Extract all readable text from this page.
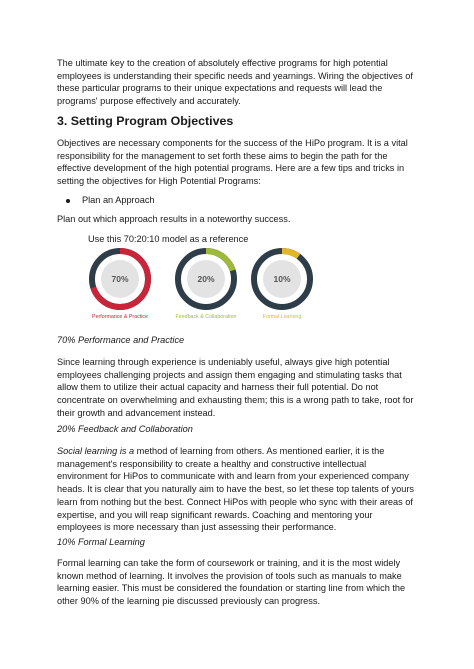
The ultimate key to the creation of absolutely effective programs for high potential employees is understanding their specific needs and yearnings. Wiring the objectives of these particular programs to their unique expectations and requests will lead the programs' purpose effectively and accurately.

3. Setting Program Objectives

Objectives are necessary components for the success of the HiPo program. It is a vital responsibility for the management to set forth these aims to begin the path for the effective development of the high potential programs. Here are a few tips and tricks in setting the objectives for High Potential Programs:

Plan an Approach

Plan out which approach results in a noteworthy success.

Use this 70:20:10 model as a reference
70%
Performance & Practice
20%
Feedback & Collaboration
10%
Formal Learning

70% Performance and Practice

Since learning through experience is undeniably useful, always give high potential employees challenging projects and assign them engaging and stimulating tasks that allow them to utilize their actual capacity and harness their full potential. Do not concentrate on overwhelming and exhausting them; this is a wrong path to take, root for their growth and advancement instead.

20% Feedback and Collaboration

Social learning is a method of learning from others. As mentioned earlier, it is the management's responsibility to create a healthy and constructive intellectual environment for HiPos to communicate with and learn from your experienced company heads. It is clear that you naturally aim to have the best, so let these top talents of yours learn from nothing but the best. Connect HiPos with people who sync with their areas of expertise, and you will reap significant rewards. Coaching and mentoring your employees is more necessary than just assessing their performance.

10% Formal Learning

Formal learning can take the form of coursework or training, and it is the most widely known method of learning. It involves the provision of tools such as manuals to make learning easier. This must be considered the foundation or starting line from which the other 90% of the learning pie discussed previously can progress.
